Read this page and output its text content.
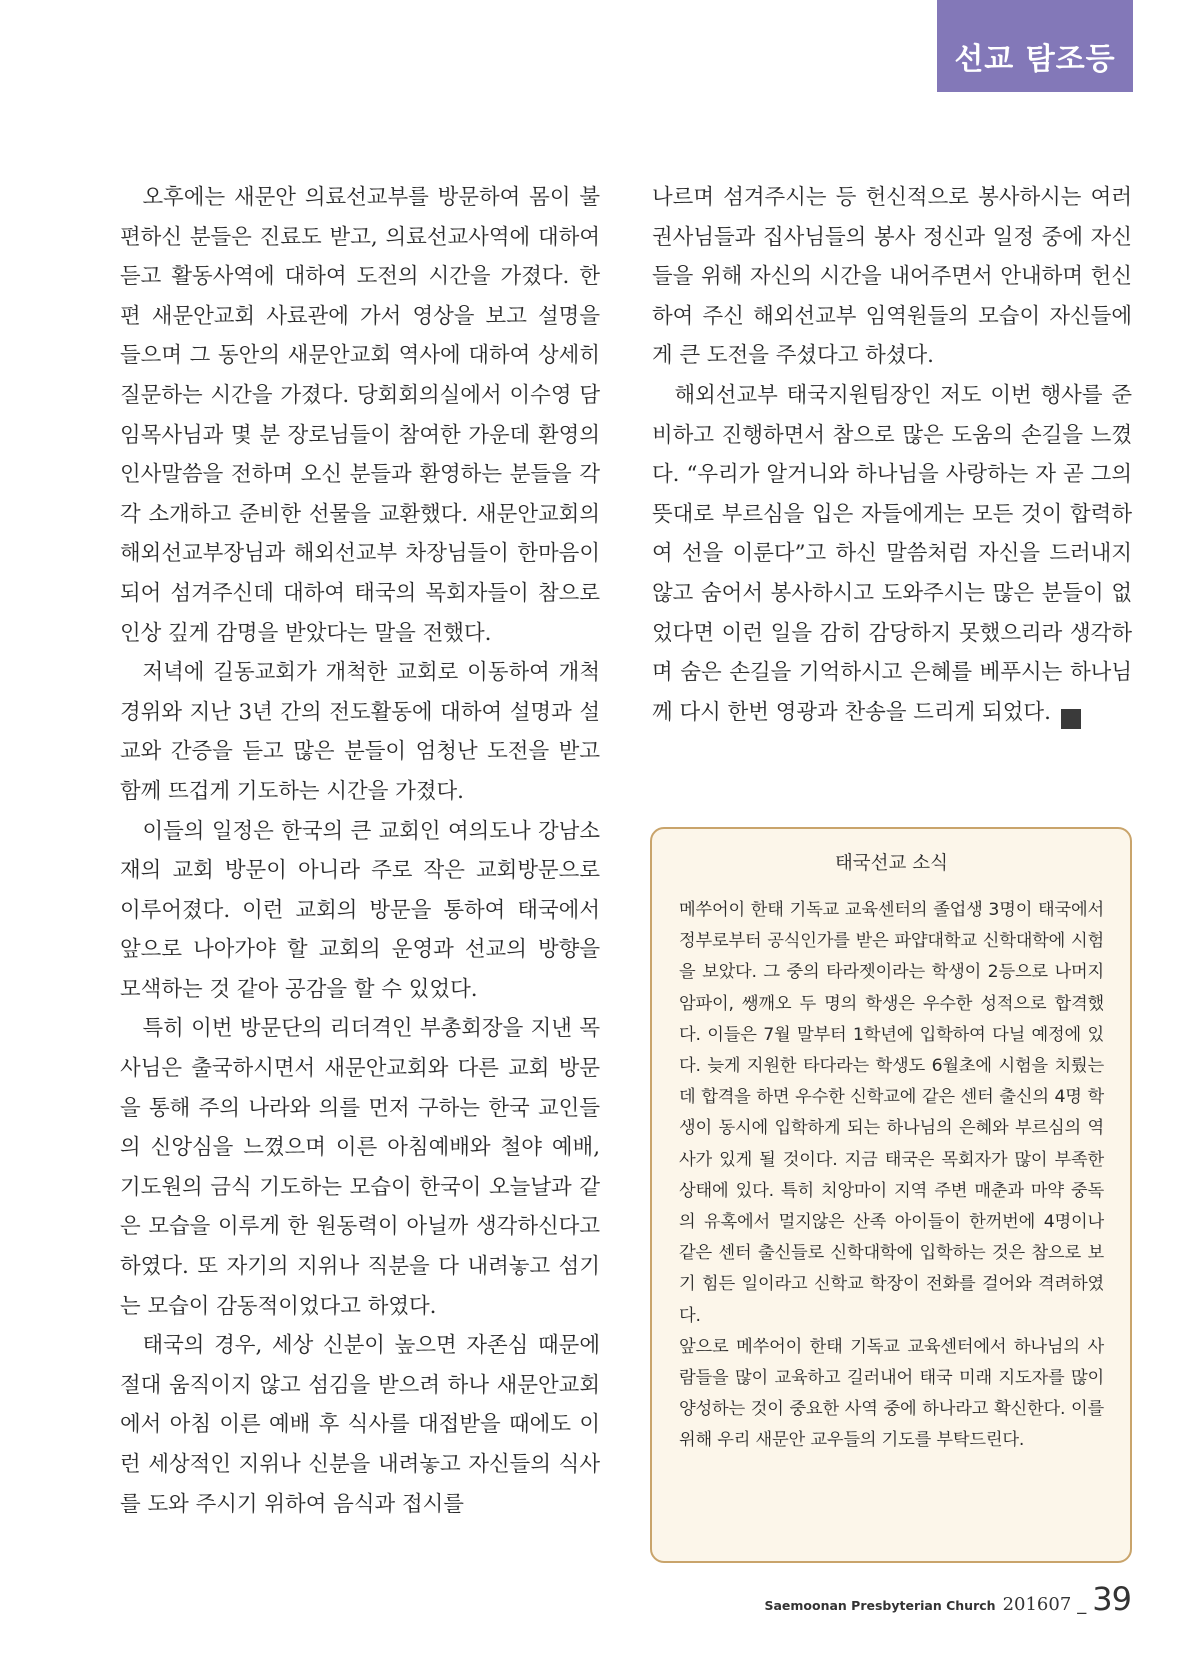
선교 탐조등

오후에는 새문안 의료선교부를 방문하여 몸이 불편하신 분들은 진료도 받고, 의료선교사역에 대하여 듣고 활동사역에 대하여 도전의 시간을 가졌다. 한편 새문안교회 사료관에 가서 영상을 보고 설명을 들으며 그 동안의 새문안교회 역사에 대하여 상세히 질문하는 시간을 가졌다. 당회회의실에서 이수영 담임목사님과 몇 분 장로님들이 참여한 가운데 환영의 인사말씀을 전하며 오신 분들과 환영하는 분들을 각각 소개하고 준비한 선물을 교환했다. 새문안교회의 해외선교부장님과 해외선교부 차장님들이 한마음이 되어 섬겨주신데 대하여 태국의 목회자들이 참으로 인상 깊게 감명을 받았다는 말을 전했다.

저녁에 길동교회가 개척한 교회로 이동하여 개척 경위와 지난 3년 간의 전도활동에 대하여 설명과 설교와 간증을 듣고 많은 분들이 엄청난 도전을 받고 함께 뜨겁게 기도하는 시간을 가졌다.

이들의 일정은 한국의 큰 교회인 여의도나 강남소재의 교회 방문이 아니라 주로 작은 교회방문으로 이루어졌다. 이런 교회의 방문을 통하여 태국에서 앞으로 나아가야 할 교회의 운영과 선교의 방향을 모색하는 것 같아 공감을 할 수 있었다.

특히 이번 방문단의 리더격인 부총회장을 지낸 목사님은 출국하시면서 새문안교회와 다른 교회 방문을 통해 주의 나라와 의를 먼저 구하는 한국 교인들의 신앙심을 느꼈으며 이른 아침예배와 철야 예배, 기도원의 금식 기도하는 모습이 한국이 오늘날과 같은 모습을 이루게 한 원동력이 아닐까 생각하신다고 하였다. 또 자기의 지위나 직분을 다 내려놓고 섬기는 모습이 감동적이었다고 하였다.

태국의 경우, 세상 신분이 높으면 자존심 때문에 절대 움직이지 않고 섬김을 받으려 하나 새문안교회에서 아침 이른 예배 후 식사를 대접받을 때에도 이런 세상적인 지위나 신분을 내려놓고 자신들의 식사를 도와 주시기 위하여 음식과 접시를

나르며 섬겨주시는 등 헌신적으로 봉사하시는 여러 권사님들과 집사님들의 봉사 정신과 일정 중에 자신들을 위해 자신의 시간을 내어주면서 안내하며 헌신하여 주신 해외선교부 임역원들의 모습이 자신들에게 큰 도전을 주셨다고 하셨다.

해외선교부 태국지원팀장인 저도 이번 행사를 준비하고 진행하면서 참으로 많은 도움의 손길을 느꼈다. “우리가 알거니와 하나님을 사랑하는 자 곧 그의 뜻대로 부르심을 입은 자들에게는 모든 것이 합력하여 선을 이룬다”고 하신 말씀처럼 자신을 드러내지 않고 숨어서 봉사하시고 도와주시는 많은 분들이 없었다면 이런 일을 감히 감당하지 못했으리라 생각하며 숨은 손길을 기억하시고 은혜를 베푸시는 하나님께 다시 한번 영광과 찬송을 드리게 되었다. 새

태국선교 소식

메쑤어이 한태 기독교 교육센터의 졸업생 3명이 태국에서 정부로부터 공식인가를 받은 파얍대학교 신학대학에 시험을 보았다. 그 중의 타라젯이라는 학생이 2등으로 나머지 암파이, 쌩깨오 두 명의 학생은 우수한 성적으로 합격했다. 이들은 7월 말부터 1학년에 입학하여 다닐 예정에 있다. 늦게 지원한 타다라는 학생도 6월초에 시험을 치뤘는데 합격을 하면 우수한 신학교에 같은 센터 출신의 4명 학생이 동시에 입학하게 되는 하나님의 은혜와 부르심의 역사가 있게 될 것이다. 지금 태국은 목회자가 많이 부족한 상태에 있다. 특히 치앙마이 지역 주변 매춘과 마약 중독의 유혹에서 멀지않은 산족 아이들이 한꺼번에 4명이나 같은 센터 출신들로 신학대학에 입학하는 것은 참으로 보기 힘든 일이라고 신학교 학장이 전화를 걸어와 격려하였다.

앞으로 메쑤어이 한태 기독교 교육센터에서 하나님의 사람들을 많이 교육하고 길러내어 태국 미래 지도자를 많이 양성하는 것이 중요한 사역 중에 하나라고 확신한다. 이를 위해 우리 새문안 교우들의 기도를 부탁드린다.

Saemoonan Presbyterian Church 201607 _ 39
